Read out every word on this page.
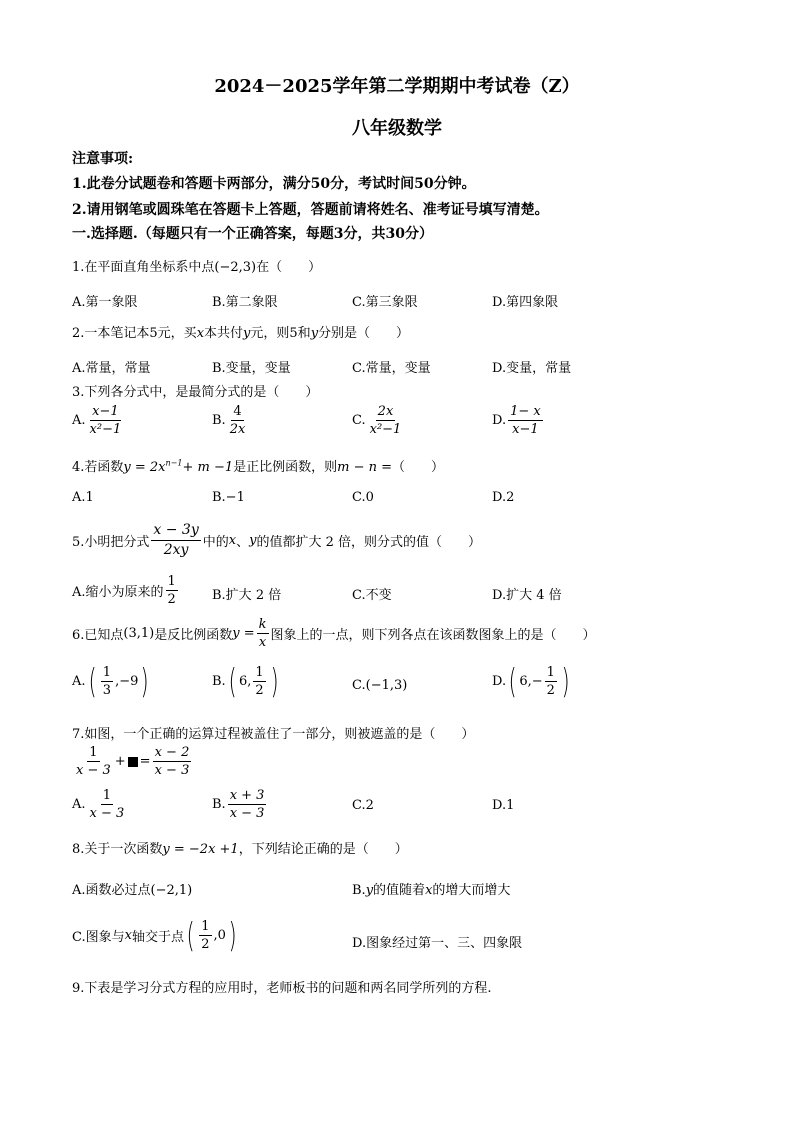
2024－2025学年第二学期期中考试卷（Z）
八年级数学
注意事项:
1.此卷分试题卷和答题卡两部分，满分50分，考试时间50分钟。
2.请用钢笔或圆珠笔在答题卡上答题，答题前请将姓名、准考证号填写清楚。
一.选择题.（每题只有一个正确答案，每题3分，共30分）
1.在平面直角坐标系中点(−2,3)在（　　）
A.第一象限	B.第二象限	C.第三象限	D.第四象限
2.一本笔记本5元，买x本共付y元，则5和y分别是（　　）
A.常量，常量	B.变量，变量	C.常量，变量	D.变量，常量
3.下列各分式中，是最简分式的是（　　）
A. $\frac{x-1}{\text{x²−1}}$	B. $\frac{4}{2x}$	C. $\frac{2x}{\text{x²−1}}$	D. $\frac{1- x}{x-1}$
4.若函数$y = 2x^{n-1}+ m -1$是正比例函数，则m − n =（　　）
A.1	B.−1	C.0	D.2
5.小明把分式 $\frac{x - 3y}{2xy}$ 中的 x 、 y 的值都扩大 2 倍，则分式的值（　　）
A.缩小为原来的 $\frac{1}{2}$	B.扩大 2 倍	C.不变	D.扩大 4 倍
6.已知点 (3,1) 是反比例函数 $y = \frac{k}{x}$ 图象上的一点，则下列各点在该函数图象上的是（　　）
A. ( $\frac{1}{3} ,-9$ )	B. ( 6, $\frac{1}{2}$ )	C.(−1,3)	D. ( $6,- \frac{1}{2}$ )
7.如图，一个正确的运算过程被盖住了一部分，则被遮盖的是（　　）
$\frac{1}{x - 3}$ + = $\frac{x - 2}{x - 3}$
A. $\frac{1}{x - 3}$	B. $\frac{x + 3}{x - 3}$	C.2	D.1
8.关于一次函数y = −2x +1，下列结论正确的是（　　）
A.函数必过点(−2,1)	B.y的值随着x的增大而增大
C.图象与 x 轴交于点 ( $\frac{1}{2} ,0$ )	D.图象经过第一、三、四象限
9.下表是学习分式方程的应用时，老师板书的问题和两名同学所列的方程.
